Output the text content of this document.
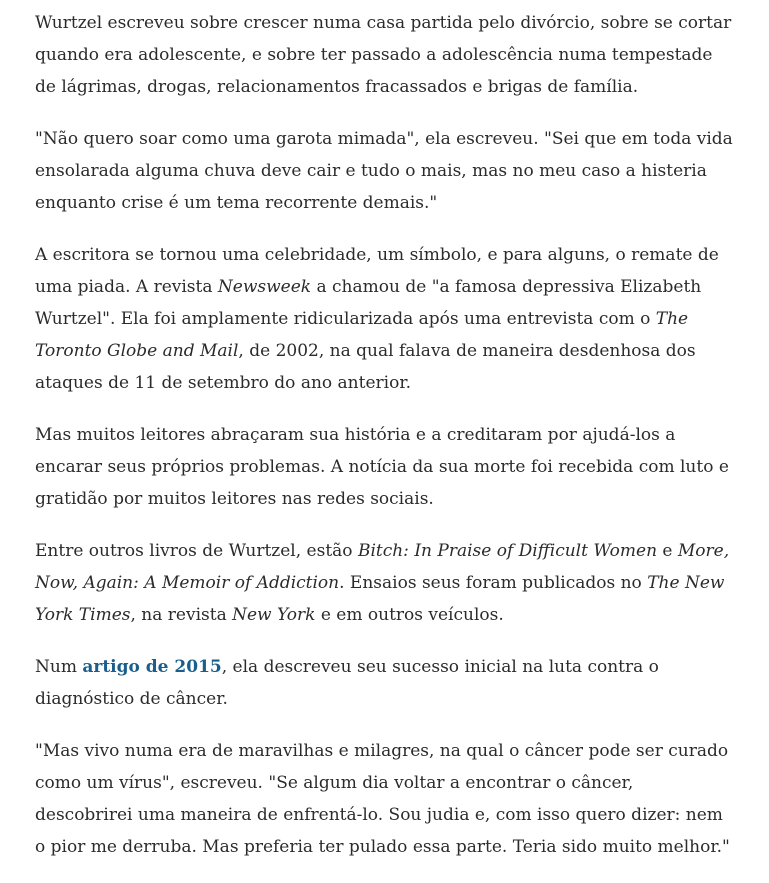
Wurtzel escreveu sobre crescer numa casa partida pelo divórcio, sobre se cortar quando era adolescente, e sobre ter passado a adolescência numa tempestade de lágrimas, drogas, relacionamentos fracassados e brigas de família.

"Não quero soar como uma garota mimada", ela escreveu. "Sei que em toda vida ensolarada alguma chuva deve cair e tudo o mais, mas no meu caso a histeria enquanto crise é um tema recorrente demais."

A escritora se tornou uma celebridade, um símbolo, e para alguns, o remate de uma piada. A revista Newsweek a chamou de "a famosa depressiva Elizabeth Wurtzel". Ela foi amplamente ridicularizada após uma entrevista com o The Toronto Globe and Mail, de 2002, na qual falava de maneira desdenhosa dos ataques de 11 de setembro do ano anterior.

Mas muitos leitores abraçaram sua história e a creditaram por ajudá-los a encarar seus próprios problemas. A notícia da sua morte foi recebida com luto e gratidão por muitos leitores nas redes sociais.

Entre outros livros de Wurtzel, estão Bitch: In Praise of Difficult Women e More, Now, Again: A Memoir of Addiction. Ensaios seus foram publicados no The New York Times, na revista New York e em outros veículos.

Num artigo de 2015, ela descreveu seu sucesso inicial na luta contra o diagnóstico de câncer.

"Mas vivo numa era de maravilhas e milagres, na qual o câncer pode ser curado como um vírus", escreveu. "Se algum dia voltar a encontrar o câncer, descobrirei uma maneira de enfrentá-lo. Sou judia e, com isso quero dizer: nem o pior me derruba. Mas preferia ter pulado essa parte. Teria sido muito melhor."
